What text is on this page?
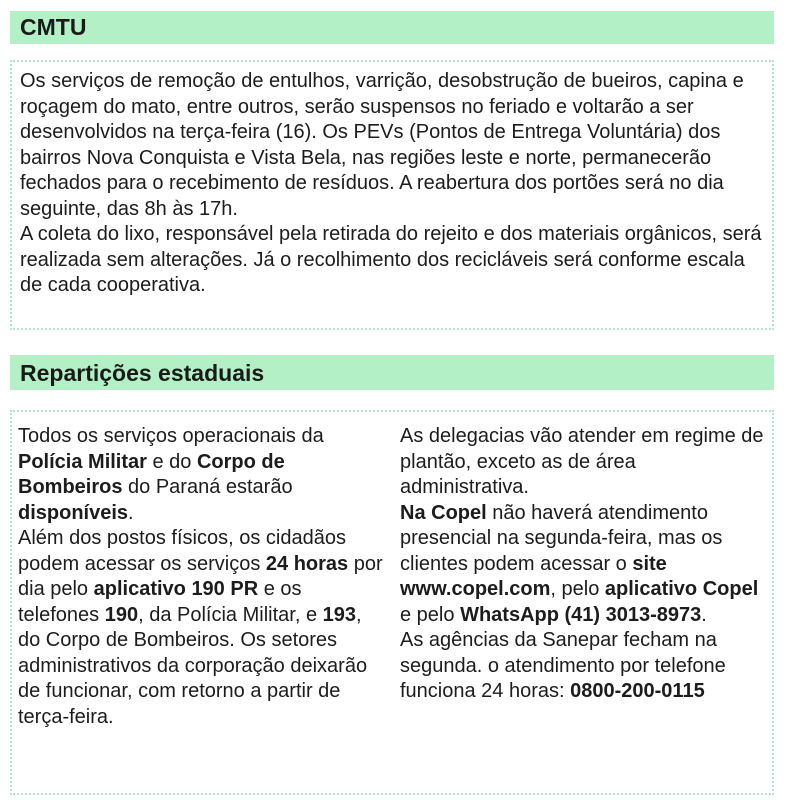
CMTU
Os serviços de remoção de entulhos, varrição, desobstrução de bueiros, capina e roçagem do mato, entre outros, serão suspensos no feriado e voltarão a ser desenvolvidos na terça-feira (16). Os PEVs (Pontos de Entrega Voluntária) dos bairros Nova Conquista e Vista Bela, nas regiões leste e norte, permanecerão fechados para o recebimento de resíduos. A reabertura dos portões será no dia seguinte, das 8h às 17h.
A coleta do lixo, responsável pela retirada do rejeito e dos materiais orgânicos, será realizada sem alterações. Já o recolhimento dos recicláveis será conforme escala de cada cooperativa.
Repartições estaduais
Todos os serviços operacionais da Polícia Militar e do Corpo de Bombeiros do Paraná estarão disponíveis.
Além dos postos físicos, os cidadãos podem acessar os serviços 24 horas por dia pelo aplicativo 190 PR e os telefones 190, da Polícia Militar, e 193, do Corpo de Bombeiros. Os setores administrativos da corporação deixarão de funcionar, com retorno a partir de terça-feira.
As delegacias vão atender em regime de plantão, exceto as de área administrativa.
Na Copel não haverá atendimento presencial na segunda-feira, mas os clientes podem acessar o site www.copel.com, pelo aplicativo Copel e pelo WhatsApp (41) 3013-8973.
As agências da Sanepar fecham na segunda. o atendimento por telefone funciona 24 horas: 0800-200-0115
